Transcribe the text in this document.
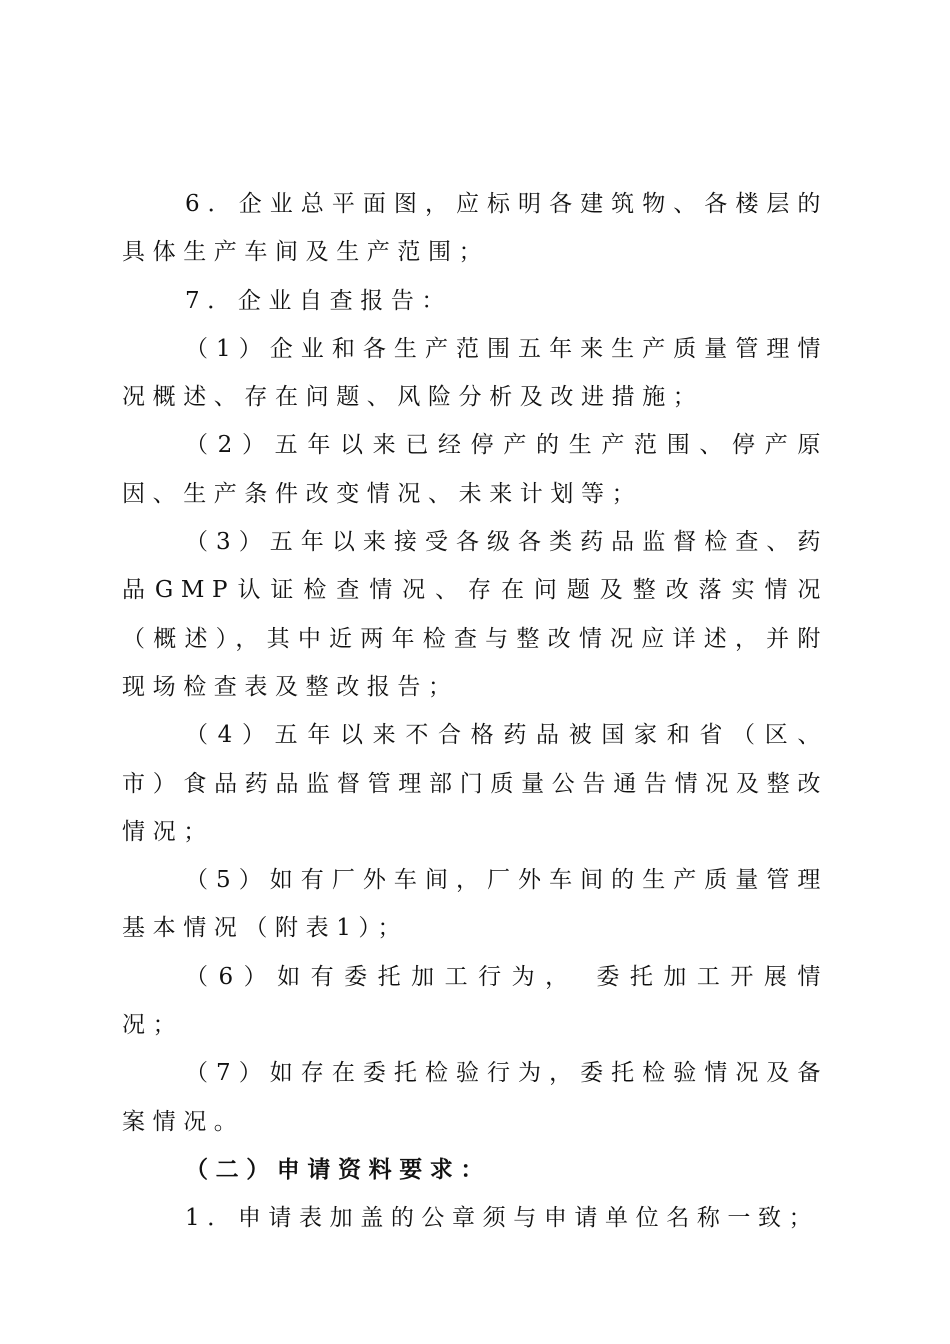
6．企业总平面图，应标明各建筑物、各楼层的具体生产车间及生产范围；

7．企业自查报告：

（1）企业和各生产范围五年来生产质量管理情况概述、存在问题、风险分析及改进措施；

（2）五年以来已经停产的生产范围、停产原因、生产条件改变情况、未来计划等；

（3）五年以来接受各级各类药品监督检查、药品GMP认证检查情况、存在问题及整改落实情况（概述），其中近两年检查与整改情况应详述，并附现场检查表及整改报告；

（4）五年以来不合格药品被国家和省（区、市）食品药品监督管理部门质量公告通告情况及整改情况；

（5）如有厂外车间，厂外车间的生产质量管理基本情况（附表1）；

（6）如有委托加工行为， 委托加工开展情况；

（7）如存在委托检验行为，委托检验情况及备案情况。

（二）申请资料要求：

1．申请表加盖的公章须与申请单位名称一致；
